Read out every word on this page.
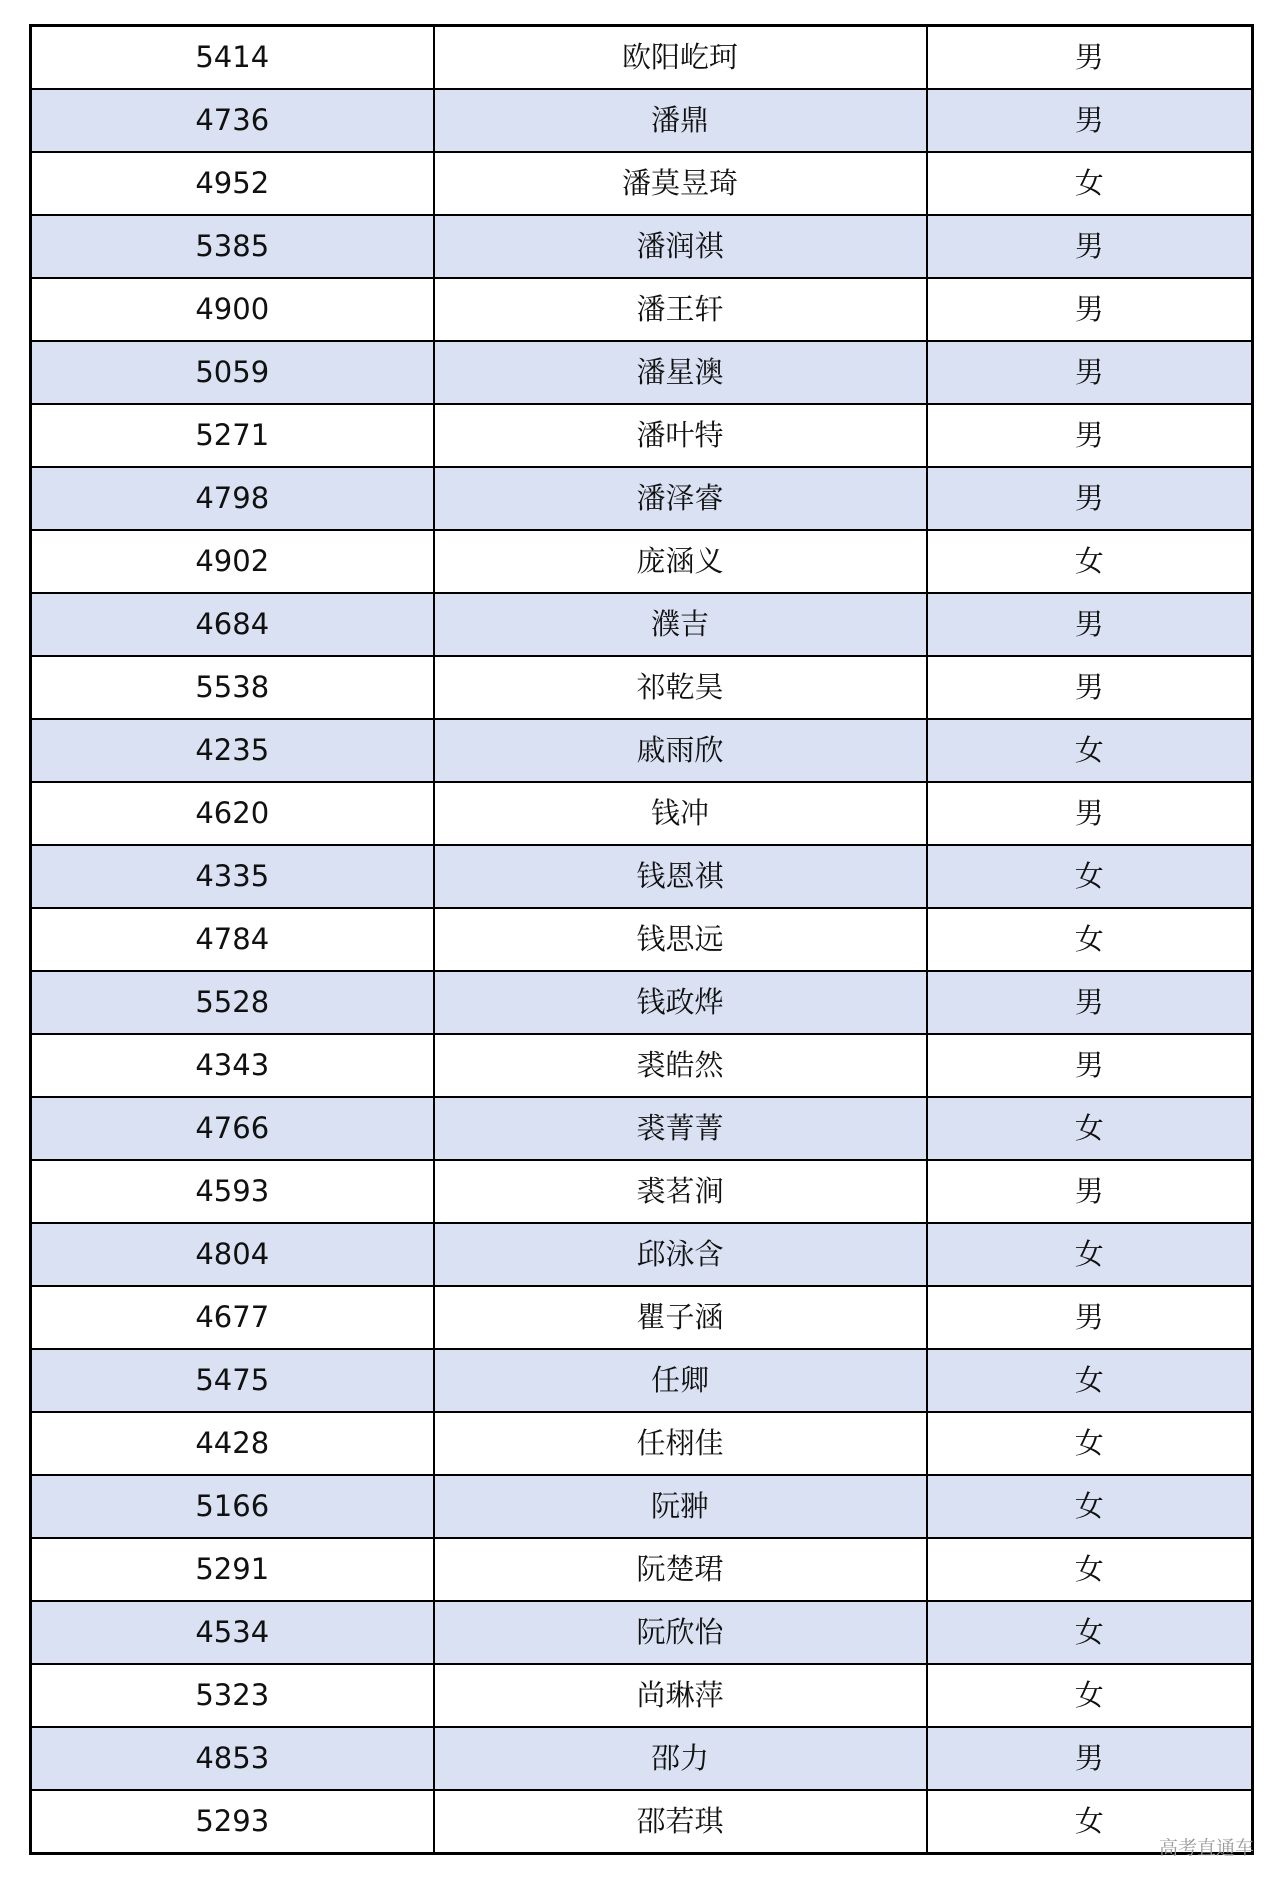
5414	欧阳屹珂	男
4736	潘鼎	男
4952	潘莫昱琦	女
5385	潘润祺	男
4900	潘王轩	男
5059	潘星澳	男
5271	潘叶特	男
4798	潘泽睿	男
4902	庞涵义	女
4684	濮吉	男
5538	祁乾昊	男
4235	戚雨欣	女
4620	钱冲	男
4335	钱恩祺	女
4784	钱思远	女
5528	钱政烨	男
4343	裘皓然	男
4766	裘菁菁	女
4593	裘茗涧	男
4804	邱泳含	女
4677	瞿子涵	男
5475	任卿	女
4428	任栩佳	女
5166	阮翀	女
5291	阮楚珺	女
4534	阮欣怡	女
5323	尚琳萍	女
4853	邵力	男
5293	邵若琪	女
高考直通车
